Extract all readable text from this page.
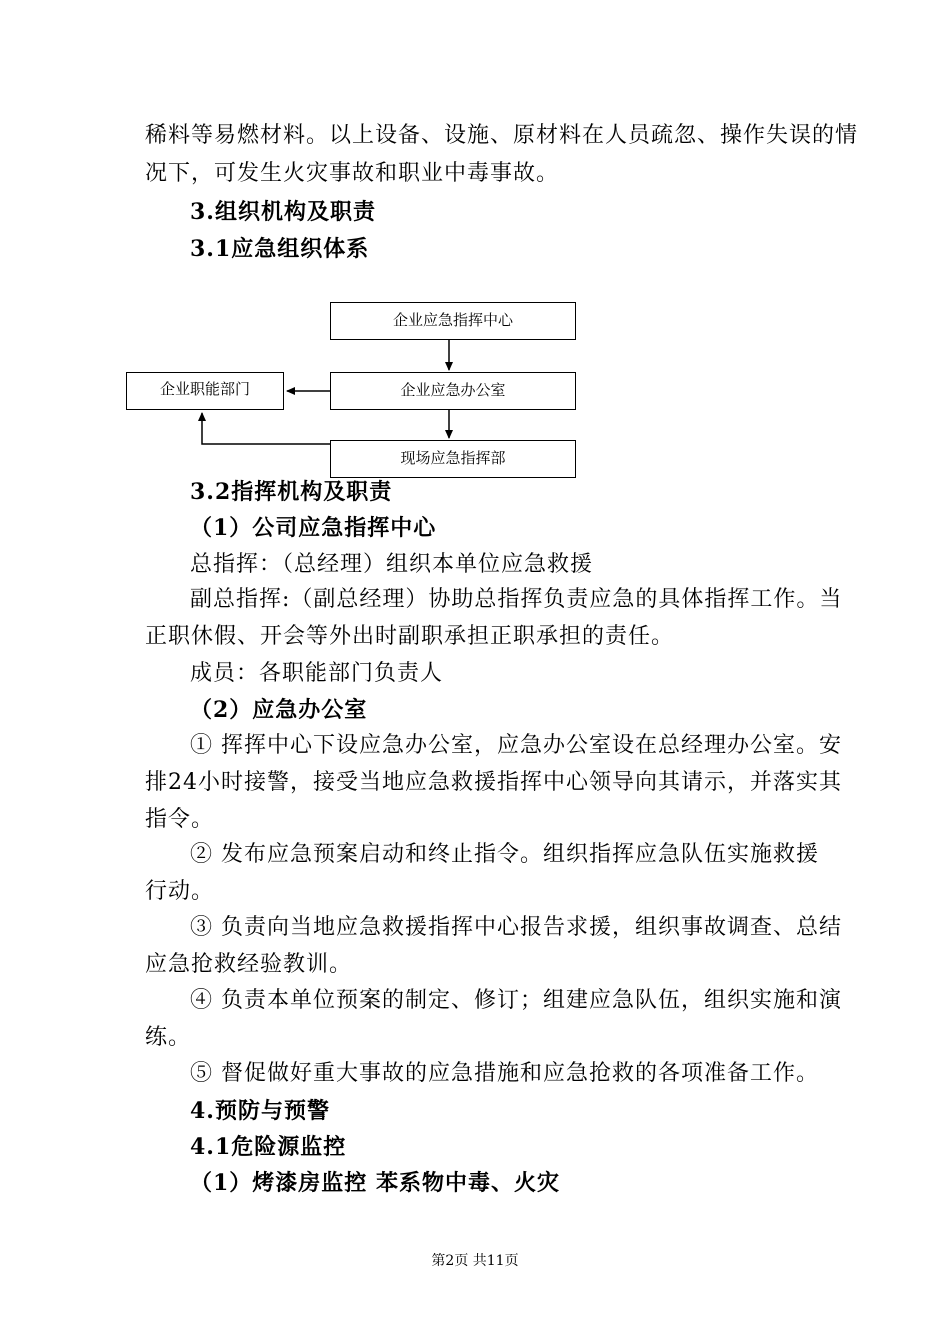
稀料等易燃材料。以上设备、设施、原材料在人员疏忽、操作失误的情
况下，可发生火灾事故和职业中毒事故。
3.组织机构及职责
3.1应急组织体系
企业应急指挥中心
企业应急办公室
企业职能部门
现场应急指挥部
3.2指挥机构及职责
（1）公司应急指挥中心
总指挥：（总经理）组织本单位应急救援
副总指挥:（副总经理）协助总指挥负责应急的具体指挥工作。当
正职休假、开会等外出时副职承担正职承担的责任。
成员：各职能部门负责人
（2）应急办公室
① 挥挥中心下设应急办公室，应急办公室设在总经理办公室。安
排24小时接警，接受当地应急救援指挥中心领导向其请示，并落实其
指令。
② 发布应急预案启动和终止指令。组织指挥应急队伍实施救援
行动。
③ 负责向当地应急救援指挥中心报告求援，组织事故调查、总结
应急抢救经验教训。
④ 负责本单位预案的制定、修订；组建应急队伍，组织实施和演
练。
⑤ 督促做好重大事故的应急措施和应急抢救的各项准备工作。
4.预防与预警
4.1危险源监控
（1）烤漆房监控 苯系物中毒、火灾
第2页 共11页
